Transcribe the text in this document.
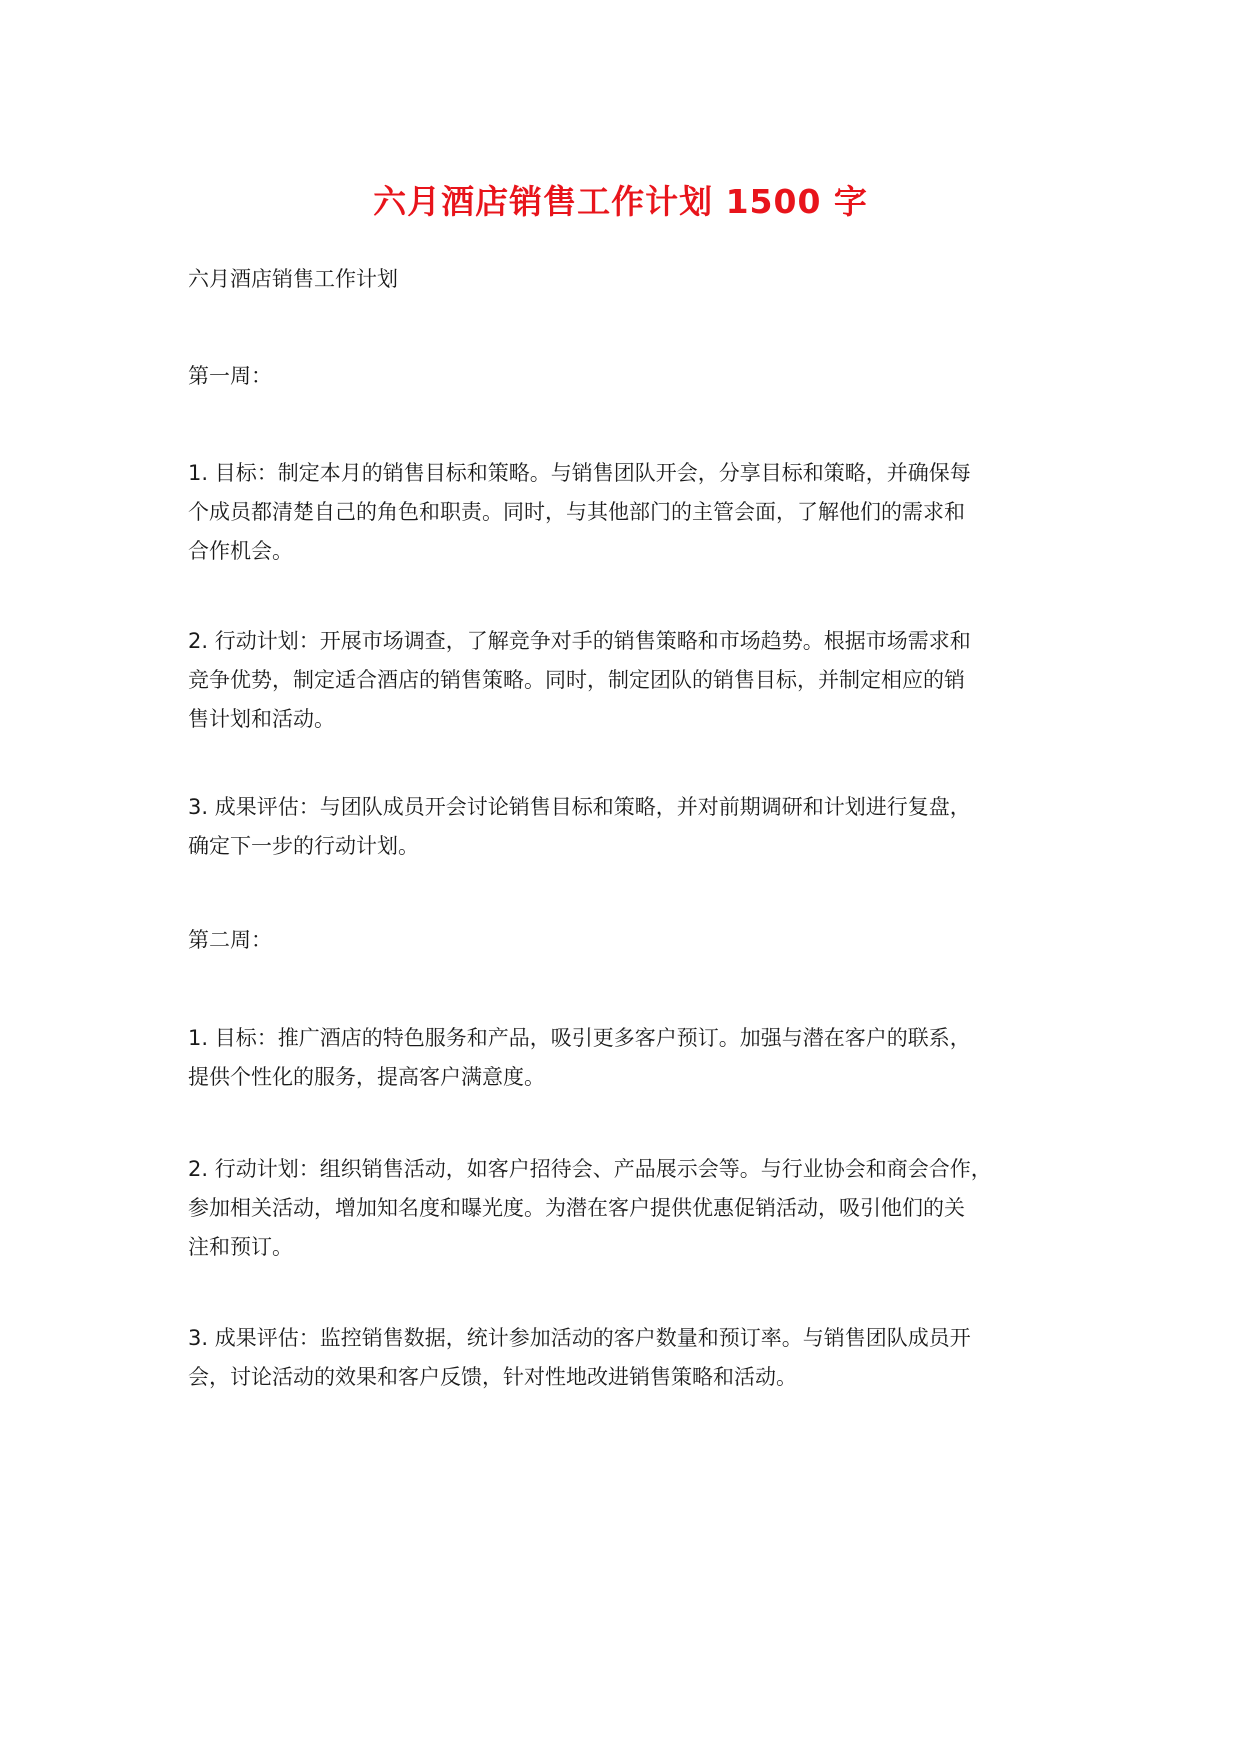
六月酒店销售工作计划 1500 字

六月酒店销售工作计划

第一周：

1. 目标：制定本月的销售目标和策略。与销售团队开会，分享目标和策略，并确保每
个成员都清楚自己的角色和职责。同时，与其他部门的主管会面，了解他们的需求和
合作机会。
2. 行动计划：开展市场调查，了解竞争对手的销售策略和市场趋势。根据市场需求和
竞争优势，制定适合酒店的销售策略。同时，制定团队的销售目标，并制定相应的销
售计划和活动。
3. 成果评估：与团队成员开会讨论销售目标和策略，并对前期调研和计划进行复盘，
确定下一步的行动计划。

第二周：

1. 目标：推广酒店的特色服务和产品，吸引更多客户预订。加强与潜在客户的联系，
提供个性化的服务，提高客户满意度。
2. 行动计划：组织销售活动，如客户招待会、产品展示会等。与行业协会和商会合作，
参加相关活动，增加知名度和曝光度。为潜在客户提供优惠促销活动，吸引他们的关
注和预订。
3. 成果评估：监控销售数据，统计参加活动的客户数量和预订率。与销售团队成员开
会，讨论活动的效果和客户反馈，针对性地改进销售策略和活动。
